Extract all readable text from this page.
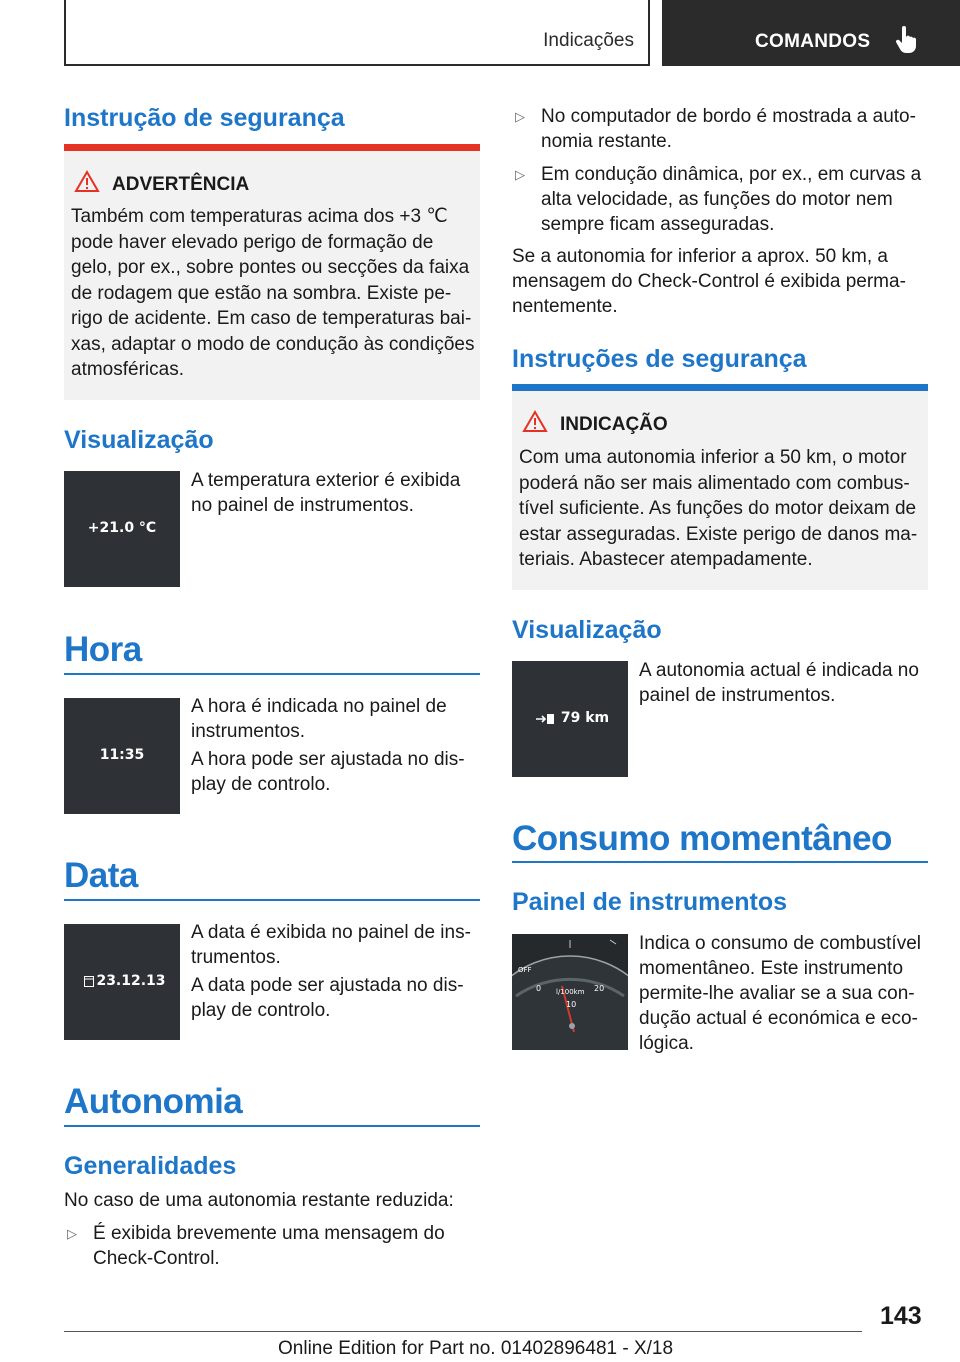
Indicações	COMANDOS
Instrução de segurança
ADVERTÊNCIA
Também com temperaturas acima dos +3 ℃
pode haver elevado perigo de formação de
gelo, por ex., sobre pontes ou secções da faixa
de rodagem que estão na sombra. Existe pe‐
rigo de acidente. Em caso de temperaturas bai‐
xas, adaptar o modo de condução às condições
atmosféricas.
Visualização
+21.0 °C
A temperatura exterior é exibida
no painel de instrumentos.
Hora
11:35
A hora é indicada no painel de
instrumentos.
A hora pode ser ajustada no dis‐
play de controlo.
Data
23.12.13
A data é exibida no painel de ins‐
trumentos.
A data pode ser ajustada no dis‐
play de controlo.
Autonomia
Generalidades
No caso de uma autonomia restante reduzida:
▷ É exibida brevemente uma mensagem do
Check-Control.
▷ No computador de bordo é mostrada a auto‐
nomia restante.
▷ Em condução dinâmica, por ex., em curvas a
alta velocidade, as funções do motor nem
sempre ficam asseguradas.
Se a autonomia for inferior a aprox. 50 km, a
mensagem do Check-Control é exibida perma‐
nentemente.
Instruções de segurança
INDICAÇÃO
Com uma autonomia inferior a 50 km, o motor
poderá não ser mais alimentado com combus‐
tível suficiente. As funções do motor deixam de
estar asseguradas. Existe perigo de danos ma‐
teriais. Abastecer atempadamente.
Visualização
79 km
A autonomia actual é indicada no
painel de instrumentos.
Consumo momentâneo
Painel de instrumentos
OFF
0	20
l/100km
10
Indica o consumo de combustível
momentâneo. Este instrumento
permite-lhe avaliar se a sua con‐
dução actual é económica e eco‐
lógica.
143
Online Edition for Part no. 01402896481 - X/18
